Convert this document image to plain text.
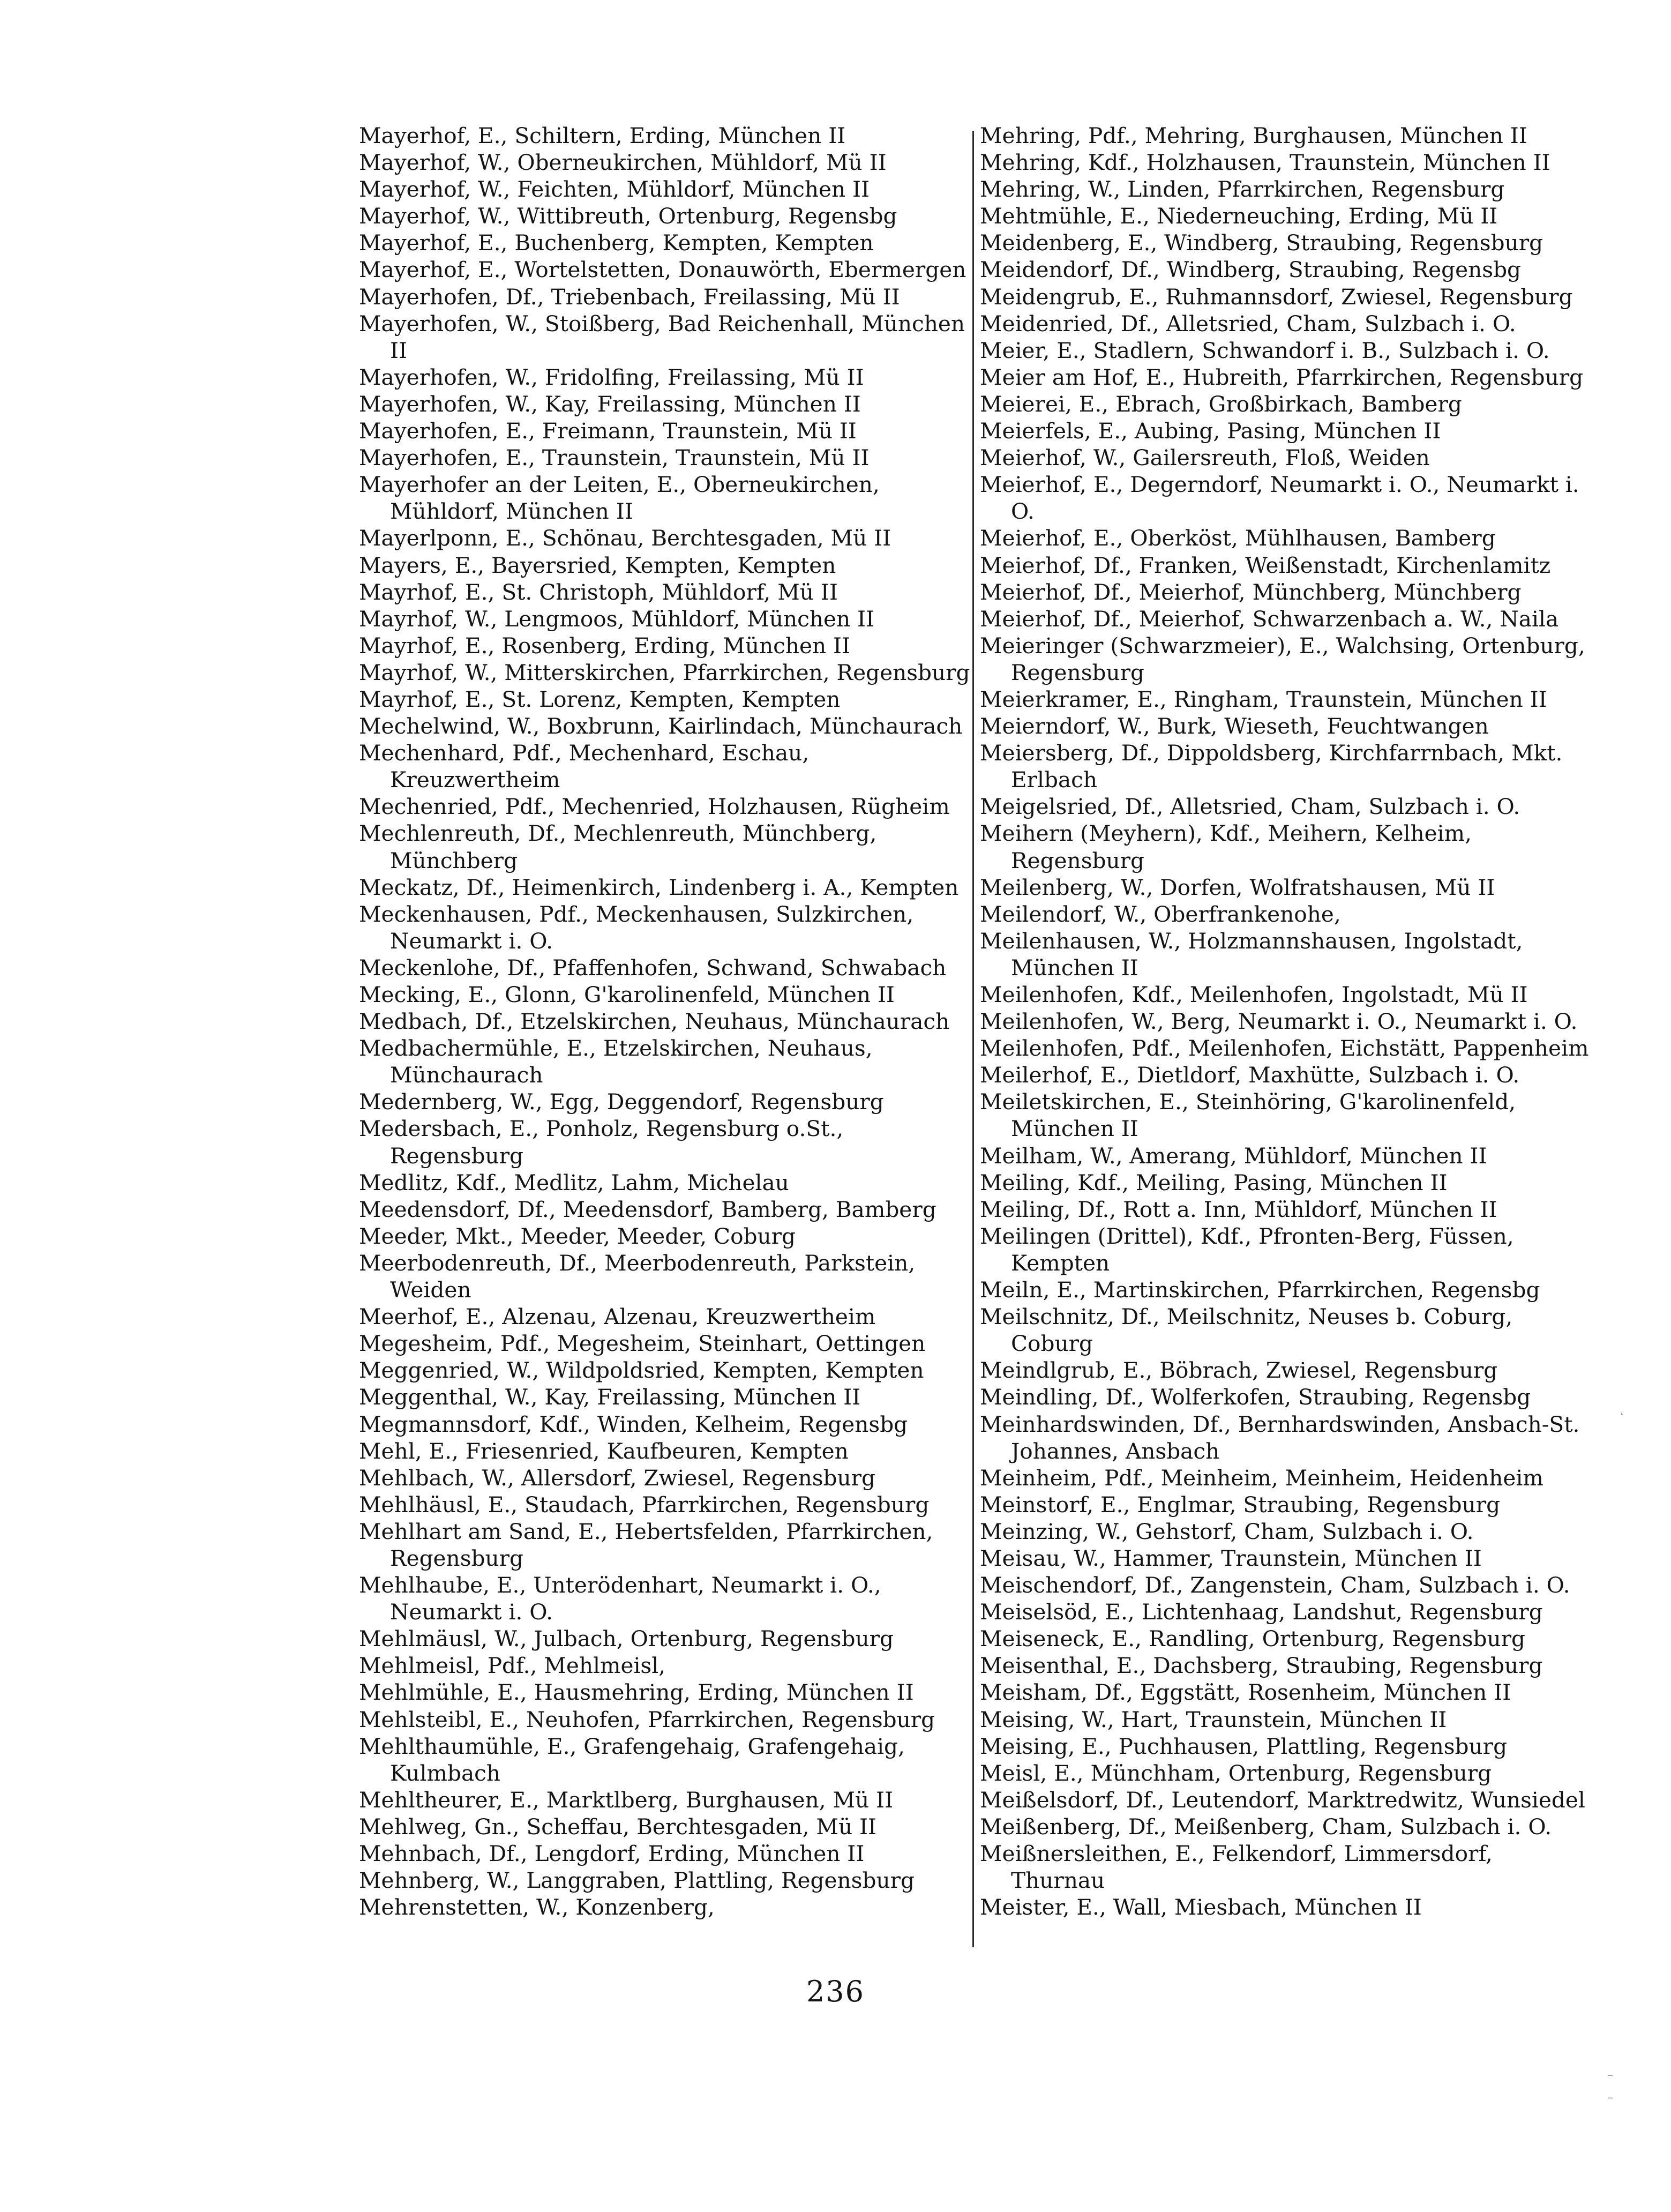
Mayerhof, E., Schiltern, Erding, München II

Mayerhof, W., Oberneukirchen, Mühldorf, Mü II

Mayerhof, W., Feichten, Mühldorf, München II

Mayerhof, W., Wittibreuth, Ortenburg, Regensbg

Mayerhof, E., Buchenberg, Kempten, Kempten

Mayerhof, E., Wortelstetten, Donauwörth, Ebermergen

Mayerhofen, Df., Triebenbach, Freilassing, Mü II

Mayerhofen, W., Stoißberg, Bad Reichenhall, München II

Mayerhofen, W., Fridolfing, Freilassing, Mü II

Mayerhofen, W., Kay, Freilassing, München II

Mayerhofen, E., Freimann, Traunstein, Mü II

Mayerhofen, E., Traunstein, Traunstein, Mü II

Mayerhofer an der Leiten, E., Oberneukirchen, Mühldorf, München II

Mayerlponn, E., Schönau, Berchtesgaden, Mü II

Mayers, E., Bayersried, Kempten, Kempten

Mayrhof, E., St. Christoph, Mühldorf, Mü II

Mayrhof, W., Lengmoos, Mühldorf, München II

Mayrhof, E., Rosenberg, Erding, München II

Mayrhof, W., Mitterskirchen, Pfarrkirchen, Regensburg

Mayrhof, E., St. Lorenz, Kempten, Kempten

Mechelwind, W., Boxbrunn, Kairlindach, Münchaurach

Mechenhard, Pdf., Mechenhard, Eschau, Kreuzwertheim

Mechenried, Pdf., Mechenried, Holzhausen, Rügheim

Mechlenreuth, Df., Mechlenreuth, Münchberg, Münchberg

Meckatz, Df., Heimenkirch, Lindenberg i. A., Kempten

Meckenhausen, Pdf., Meckenhausen, Sulzkirchen, Neumarkt i. O.

Meckenlohe, Df., Pfaffenhofen, Schwand, Schwabach

Mecking, E., Glonn, G'karolinenfeld, München II

Medbach, Df., Etzelskirchen, Neuhaus, Münchaurach

Medbachermühle, E., Etzelskirchen, Neuhaus, Münchaurach

Medernberg, W., Egg, Deggendorf, Regensburg

Medersbach, E., Ponholz, Regensburg o.St., Regensburg

Medlitz, Kdf., Medlitz, Lahm, Michelau

Meedensdorf, Df., Meedensdorf, Bamberg, Bamberg

Meeder, Mkt., Meeder, Meeder, Coburg

Meerbodenreuth, Df., Meerbodenreuth, Parkstein, Weiden

Meerhof, E., Alzenau, Alzenau, Kreuzwertheim

Megesheim, Pdf., Megesheim, Steinhart, Oettingen

Meggenried, W., Wildpoldsried, Kempten, Kempten

Meggenthal, W., Kay, Freilassing, München II

Megmannsdorf, Kdf., Winden, Kelheim, Regensbg

Mehl, E., Friesenried, Kaufbeuren, Kempten

Mehlbach, W., Allersdorf, Zwiesel, Regensburg

Mehlhäusl, E., Staudach, Pfarrkirchen, Regensburg

Mehlhart am Sand, E., Hebertsfelden, Pfarrkirchen, Regensburg

Mehlhaube, E., Unterödenhart, Neumarkt i. O., Neumarkt i. O.

Mehlmäusl, W., Julbach, Ortenburg, Regensburg

Mehlmeisl, Pdf., Mehlmeisl,

Mehlmühle, E., Hausmehring, Erding, München II

Mehlsteibl, E., Neuhofen, Pfarrkirchen, Regensburg

Mehlthaumühle, E., Grafengehaig, Grafengehaig, Kulmbach

Mehltheurer, E., Marktlberg, Burghausen, Mü II

Mehlweg, Gn., Scheffau, Berchtesgaden, Mü II

Mehnbach, Df., Lengdorf, Erding, München II

Mehnberg, W., Langgraben, Plattling, Regensburg

Mehrenstetten, W., Konzenberg,

Mehring, Pdf., Mehring, Burghausen, München II

Mehring, Kdf., Holzhausen, Traunstein, München II

Mehring, W., Linden, Pfarrkirchen, Regensburg

Mehtmühle, E., Niederneuching, Erding, Mü II

Meidenberg, E., Windberg, Straubing, Regensburg

Meidendorf, Df., Windberg, Straubing, Regensbg

Meidengrub, E., Ruhmannsdorf, Zwiesel, Regensburg

Meidenried, Df., Alletsried, Cham, Sulzbach i. O.

Meier, E., Stadlern, Schwandorf i. B., Sulzbach i. O.

Meier am Hof, E., Hubreith, Pfarrkirchen, Regensburg

Meierei, E., Ebrach, Großbirkach, Bamberg

Meierfels, E., Aubing, Pasing, München II

Meierhof, W., Gailersreuth, Floß, Weiden

Meierhof, E., Degerndorf, Neumarkt i. O., Neumarkt i. O.

Meierhof, E., Oberköst, Mühlhausen, Bamberg

Meierhof, Df., Franken, Weißenstadt, Kirchenlamitz

Meierhof, Df., Meierhof, Münchberg, Münchberg

Meierhof, Df., Meierhof, Schwarzenbach a. W., Naila

Meieringer (Schwarzmeier), E., Walchsing, Ortenburg, Regensburg

Meierkramer, E., Ringham, Traunstein, München II

Meierndorf, W., Burk, Wieseth, Feuchtwangen

Meiersberg, Df., Dippoldsberg, Kirchfarrnbach, Mkt. Erlbach

Meigelsried, Df., Alletsried, Cham, Sulzbach i. O.

Meihern (Meyhern), Kdf., Meihern, Kelheim, Regensburg

Meilenberg, W., Dorfen, Wolfratshausen, Mü II

Meilendorf, W., Oberfrankenohe,

Meilenhausen, W., Holzmannshausen, Ingolstadt, München II

Meilenhofen, Kdf., Meilenhofen, Ingolstadt, Mü II

Meilenhofen, W., Berg, Neumarkt i. O., Neumarkt i. O.

Meilenhofen, Pdf., Meilenhofen, Eichstätt, Pappenheim

Meilerhof, E., Dietldorf, Maxhütte, Sulzbach i. O.

Meiletskirchen, E., Steinhöring, G'karolinenfeld, München II

Meilham, W., Amerang, Mühldorf, München II

Meiling, Kdf., Meiling, Pasing, München II

Meiling, Df., Rott a. Inn, Mühldorf, München II

Meilingen (Drittel), Kdf., Pfronten-Berg, Füssen, Kempten

Meiln, E., Martinskirchen, Pfarrkirchen, Regensbg

Meilschnitz, Df., Meilschnitz, Neuses b. Coburg, Coburg

Meindlgrub, E., Böbrach, Zwiesel, Regensburg

Meindling, Df., Wolferkofen, Straubing, Regensbg

Meinhardswinden, Df., Bernhardswinden, Ansbach-St. Johannes, Ansbach

Meinheim, Pdf., Meinheim, Meinheim, Heidenheim

Meinstorf, E., Englmar, Straubing, Regensburg

Meinzing, W., Gehstorf, Cham, Sulzbach i. O.

Meisau, W., Hammer, Traunstein, München II

Meischendorf, Df., Zangenstein, Cham, Sulzbach i. O.

Meiselsöd, E., Lichtenhaag, Landshut, Regensburg

Meiseneck, E., Randling, Ortenburg, Regensburg

Meisenthal, E., Dachsberg, Straubing, Regensburg

Meisham, Df., Eggstätt, Rosenheim, München II

Meising, W., Hart, Traunstein, München II

Meising, E., Puchhausen, Plattling, Regensburg

Meisl, E., Münchham, Ortenburg, Regensburg

Meißelsdorf, Df., Leutendorf, Marktredwitz, Wunsiedel

Meißenberg, Df., Meißenberg, Cham, Sulzbach i. O.

Meißnersleithen, E., Felkendorf, Limmersdorf, Thurnau

Meister, E., Wall, Miesbach, München II

236
˛
–
–
